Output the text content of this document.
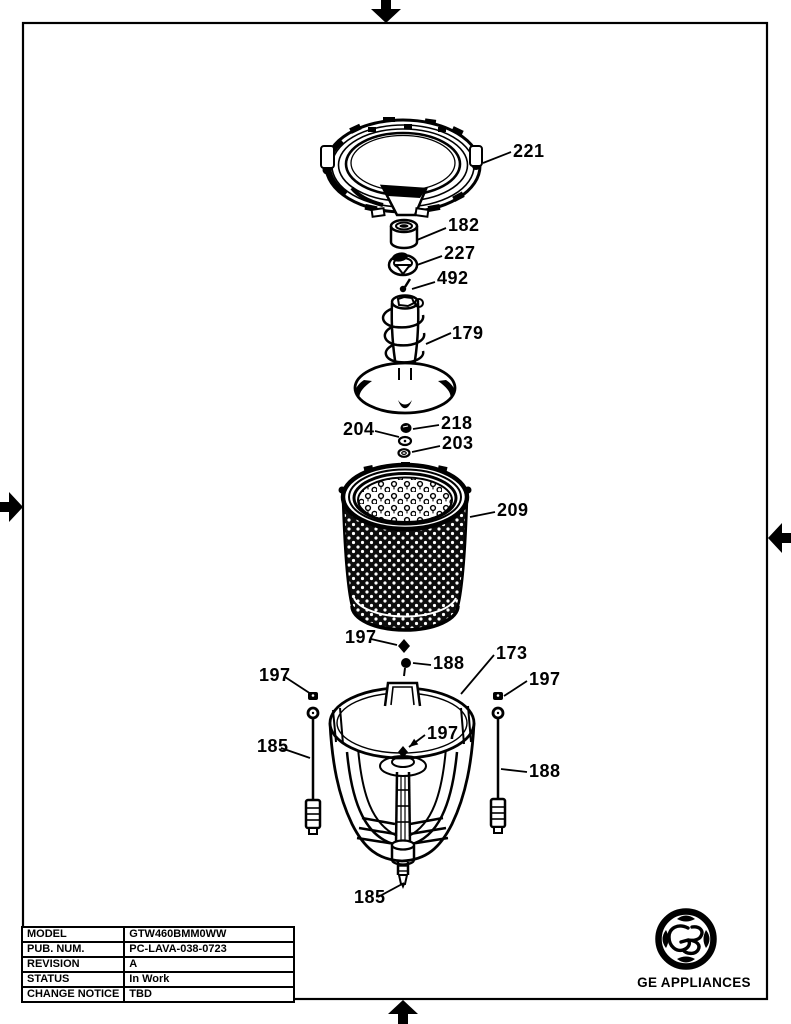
GE APPLIANCES
221
182
227
492
179
218
204
203
209
197
188 173
197	197
185
197
188
185
MODEL	GTW460BMM0WW
PUB. NUM.	PC-LAVA-038-0723
REVISION	A
STATUS	In Work
CHANGE NOTICE	TBD
